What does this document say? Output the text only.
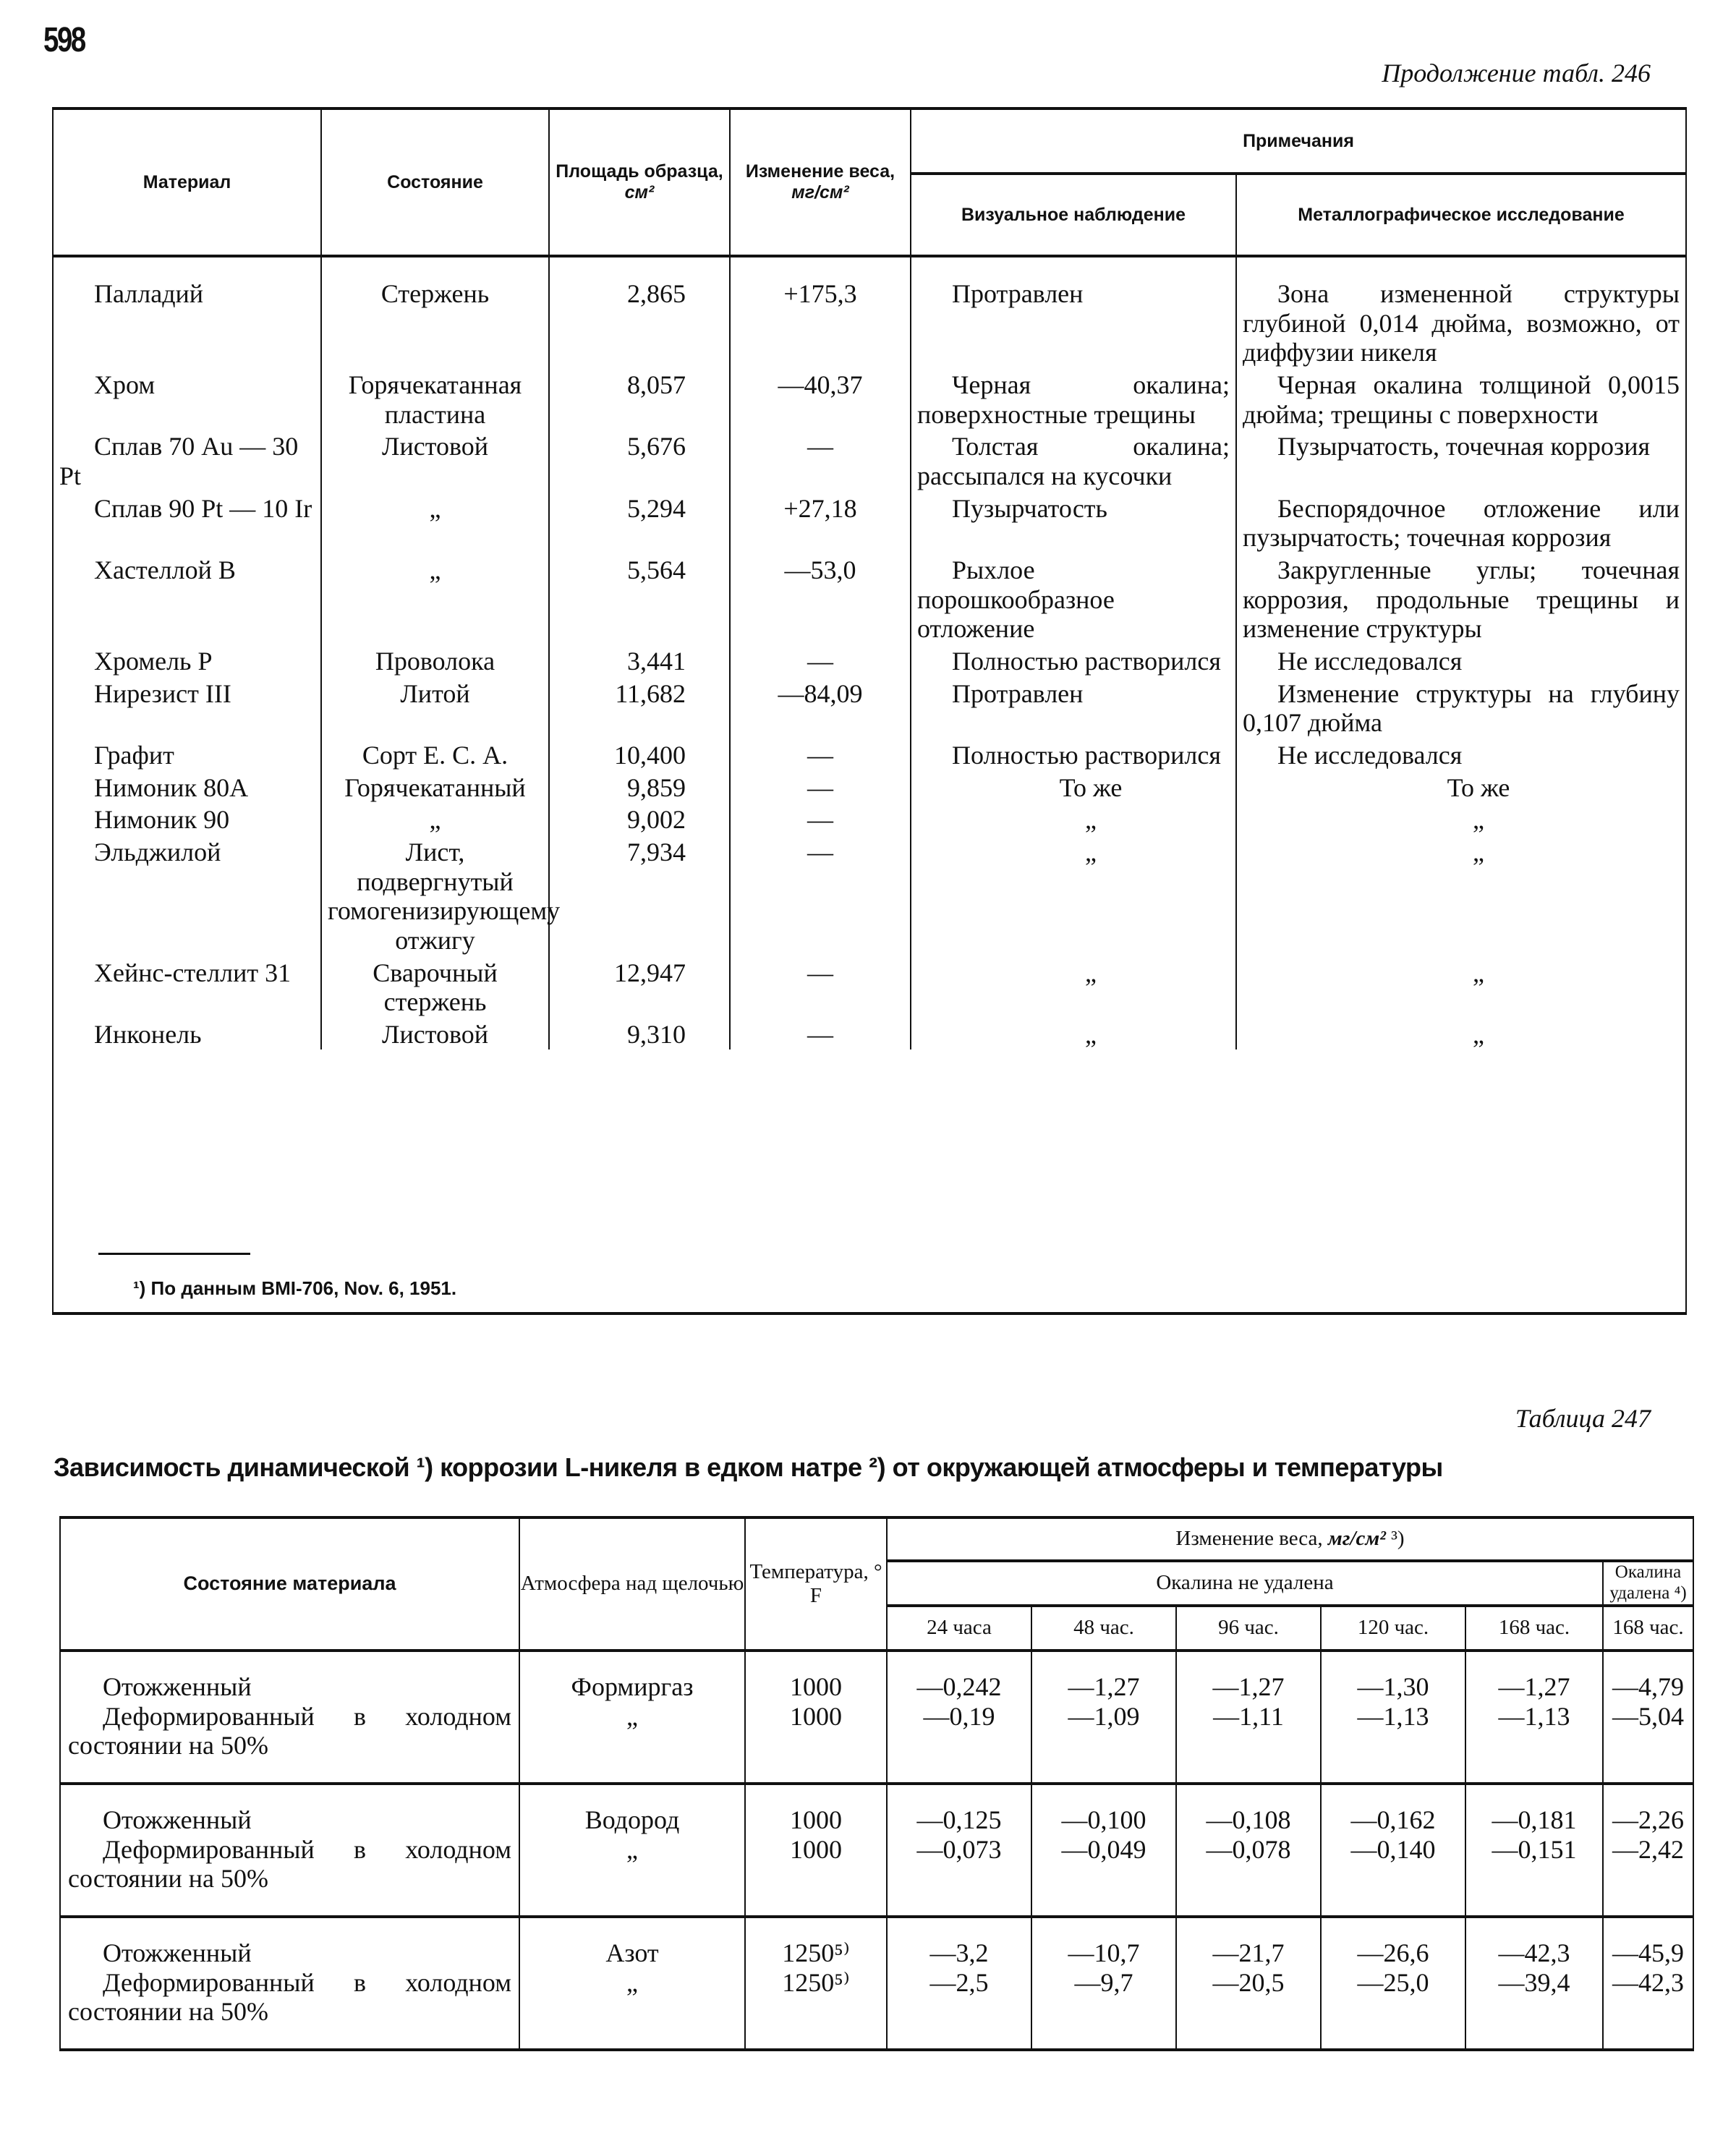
598
Продолжение табл. 246
Материал	Состояние	Площадь образца,
см²	Изменение веса,
мг/см²	Примечания	
				Визуальное наблюдение	Металлографическое исследование
Палладий	Стержень	2,865	+175,3	Протравлен	Зона измененной структуры глубиной 0,014 дюйма, возможно, от диффузии никеля
Хром	Горячекатанная пластина	8,057	—40,37	Черная окалина; поверхностные трещины	Черная окалина толщиной 0,0015 дюйма; трещины с поверхности
Сплав 70 Au — 30 Pt	Листовой	5,676	—	Толстая окалина; рассыпался на кусочки	Пузырчатость, точечная коррозия
Сплав 90 Pt — 10 Ir	„	5,294	+27,18	Пузырчатость	Беспорядочное отложение или пузырчатость; точечная коррозия
Хастеллой В	„	5,564	—53,0	Рыхлое порошкообразное отложение	Закругленные углы; точечная коррозия, продольные трещины и изменение структуры
Хромель Р	Проволока	3,441	—	Полностью растворился	Не исследовался
Нирезист III	Литой	11,682	—84,09	Протравлен	Изменение структуры на глубину 0,107 дюйма
Графит	Сорт Е. С. А.	10,400	—	Полностью растворился	Не исследовался
Нимоник 80А	Горячекатанный	9,859	—	То же	То же
Нимоник 90	„	9,002	—	„	„
Эльджилой	Лист, подвергнутый гомогенизирующему отжигу	7,934	—	„	„
Хейнс-стеллит 31	Сварочный стержень	12,947	—	„	„
Инконель	Листовой	9,310	—	„	„
¹) По данным BMI-706, Nov. 6, 1951.
Таблица 247
Зависимость динамической ¹) коррозии L-никеля в едком натре ²) от окружающей атмосферы и температуры
Состояние материала	Атмосфера над щелочью	Температура, ° F	Изменение веса, мг/см² ³)					
			Окалина не удалена					Окалина удалена ⁴)
			24 часа	48 час.	96 час.	120 час.	168 час.	168 час.
Отожженный	Формиргаз	1000	—0,242	—1,27	—1,27	—1,30	—1,27	—4,79
Деформированный в холодном состоянии на 50%	„	1000	—0,19	—1,09	—1,11	—1,13	—1,13	—5,04
Отожженный	Водород	1000	—0,125	—0,100	—0,108	—0,162	—0,181	—2,26
Деформированный в холодном состоянии на 50%	„	1000	—0,073	—0,049	—0,078	—0,140	—0,151	—2,42
Отожженный	Азот	1250⁵⁾	—3,2	—10,7	—21,7	—26,6	—42,3	—45,9
Деформированный в холодном состоянии на 50%	„	1250⁵⁾	—2,5	—9,7	—20,5	—25,0	—39,4	—42,3
